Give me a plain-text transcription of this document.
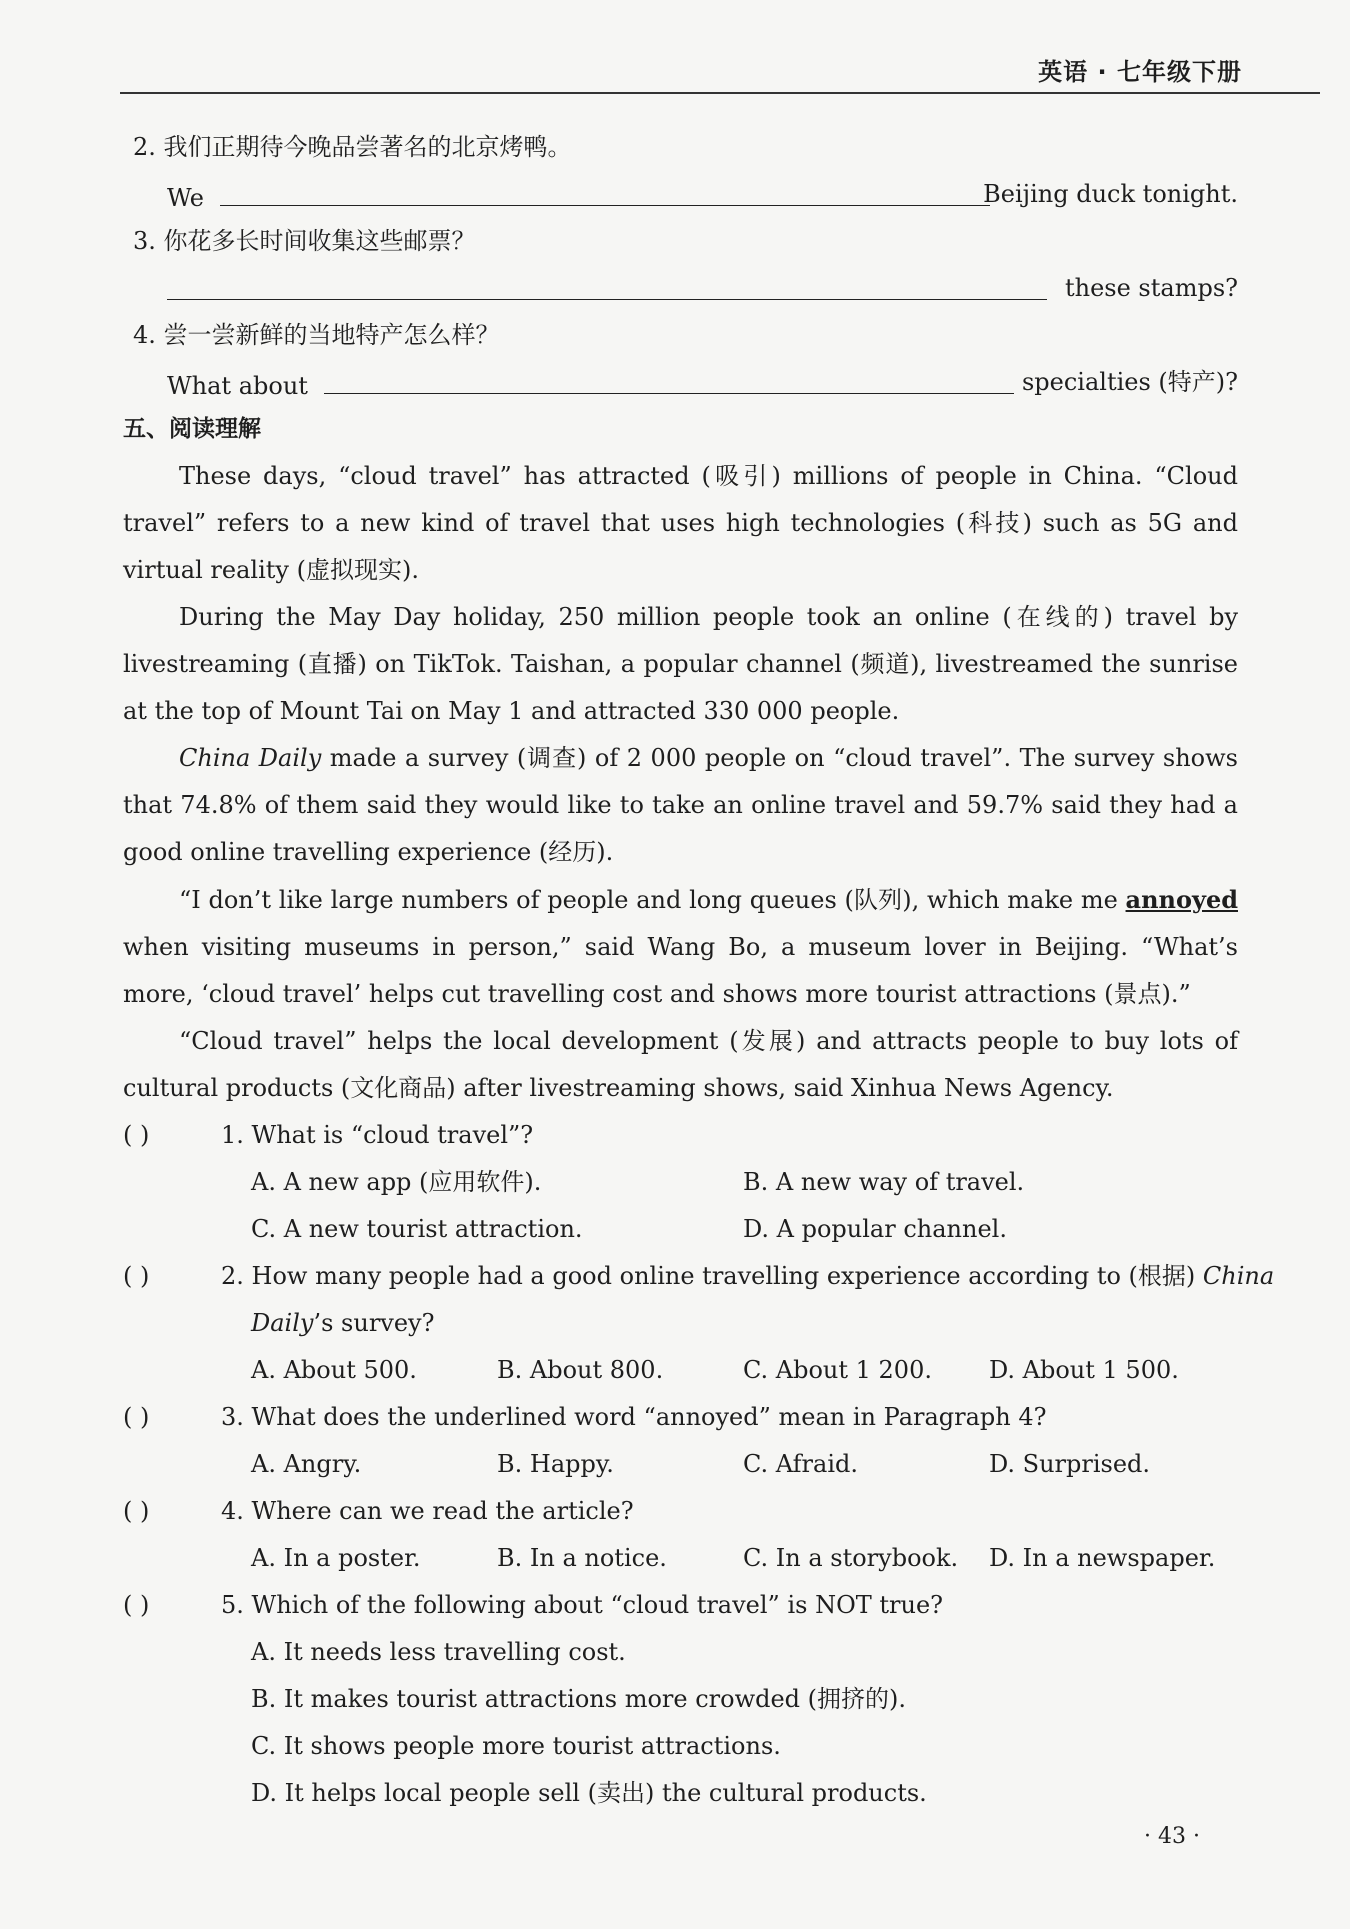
英语 · 七年级下册
2. 我们正期待今晚品尝著名的北京烤鸭。
We	Beijing duck tonight.
3. 你花多长时间收集这些邮票？
these stamps?
4. 尝一尝新鲜的当地特产怎么样？
What about	specialties (特产)?
五、阅读理解

These days, “cloud travel” has attracted (吸引) millions of people in China. “Cloud travel” refers to a new kind of travel that uses high technologies (科技) such as 5G and virtual reality (虚拟现实).

During the May Day holiday, 250 million people took an online (在线的) travel by livestreaming (直播) on TikTok. Taishan, a popular channel (频道), livestreamed the sunrise at the top of Mount Tai on May 1 and attracted 330 000 people.

China Daily made a survey (调查) of 2 000 people on “cloud travel”. The survey shows that 74.8% of them said they would like to take an online travel and 59.7% said they had a good online travelling experience (经历).

“I don’t like large numbers of people and long queues (队列), which make me annoyed when visiting museums in person,” said Wang Bo, a museum lover in Beijing. “What’s more, ‘cloud travel’ helps cut travelling cost and shows more tourist attractions (景点).”

“Cloud travel” helps the local development (发展) and attracts people to buy lots of cultural products (文化商品) after livestreaming shows, said Xinhua News Agency.

( )	1. What is “cloud travel”?
A. A new app (应用软件).	B. A new way of travel.
C. A new tourist attraction.	D. A popular channel.
( )	2. How many people had a good online travelling experience according to (根据) China
Daily’s survey?
A. About 500.	B. About 800.	C. About 1 200. D. About 1 500.
( )	3. What does the underlined word “annoyed” mean in Paragraph 4?
A. Angry.	B. Happy.	C. Afraid.	D. Surprised.
( )	4. Where can we read the article?
A. In a poster.	B. In a notice.	C. In a storybook. D. In a newspaper.
( )	5. Which of the following about “cloud travel” is NOT true?
A. It needs less travelling cost.
B. It makes tourist attractions more crowded (拥挤的).
C. It shows people more tourist attractions.
D. It helps local people sell (卖出) the cultural products.
· 43 ·
